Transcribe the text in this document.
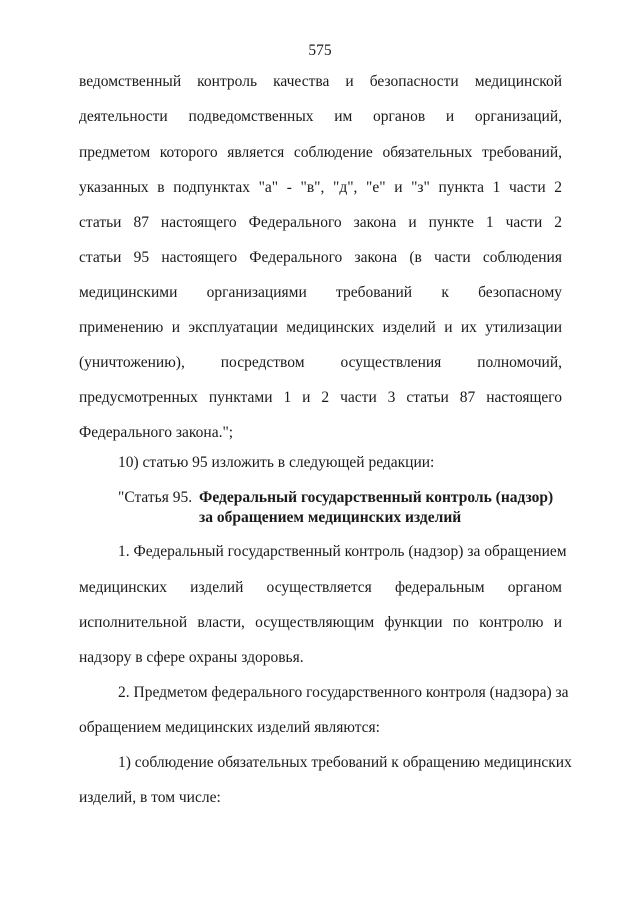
575
ведомственный контроль качества и безопасности медицинской
деятельности подведомственных им органов и организаций,
предметом которого является соблюдение обязательных требований,
указанных в подпунктах "а" - "в", "д", "е" и "з" пункта 1 части 2
статьи 87 настоящего Федерального закона и пункте 1 части 2
статьи 95 настоящего Федерального закона (в части соблюдения
медицинскими организациями требований к безопасному
применению и эксплуатации медицинских изделий и их утилизации
(уничтожению), посредством осуществления полномочий,
предусмотренных пунктами 1 и 2 части 3 статьи 87 настоящего
Федерального закона.";
10) статью 95 изложить в следующей редакции:
"Статья 95. Федеральный государственный контроль (надзор)
за обращением медицинских изделий
1. Федеральный государственный контроль (надзор) за обращением
медицинских изделий осуществляется федеральным органом
исполнительной власти, осуществляющим функции по контролю и
надзору в сфере охраны здоровья.
2. Предметом федерального государственного контроля (надзора) за
обращением медицинских изделий являются:
1) соблюдение обязательных требований к обращению медицинских
изделий, в том числе:
